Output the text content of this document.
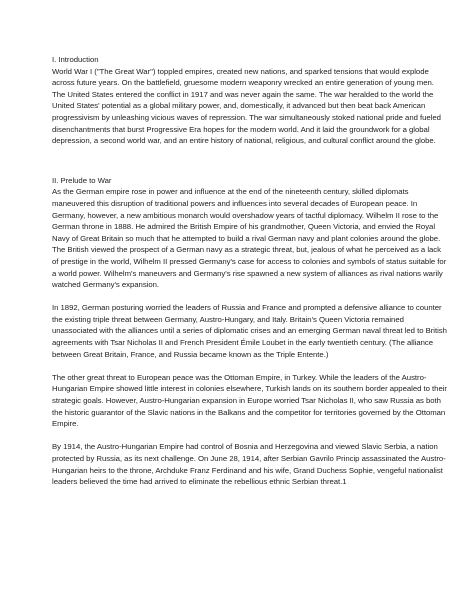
I. Introduction

World War I ("The Great War") toppled empires, created new nations, and sparked tensions that would explode across future years. On the battlefield, gruesome modern weaponry wrecked an entire generation of young men. The United States entered the conflict in 1917 and was never again the same. The war heralded to the world the United States' potential as a global military power, and, domestically, it advanced but then beat back American progressivism by unleashing vicious waves of repression. The war simultaneously stoked national pride and fueled disenchantments that burst Progressive Era hopes for the modern world. And it laid the groundwork for a global depression, a second world war, and an entire history of national, religious, and cultural conflict around the globe.

II. Prelude to War

As the German empire rose in power and influence at the end of the nineteenth century, skilled diplomats maneuvered this disruption of traditional powers and influences into several decades of European peace. In Germany, however, a new ambitious monarch would overshadow years of tactful diplomacy. Wilhelm II rose to the German throne in 1888. He admired the British Empire of his grandmother, Queen Victoria, and envied the Royal Navy of Great Britain so much that he attempted to build a rival German navy and plant colonies around the globe. The British viewed the prospect of a German navy as a strategic threat, but, jealous of what he perceived as a lack of prestige in the world, Wilhelm II pressed Germany's case for access to colonies and symbols of status suitable for a world power. Wilhelm's maneuvers and Germany's rise spawned a new system of alliances as rival nations warily watched Germany's expansion.

In 1892, German posturing worried the leaders of Russia and France and prompted a defensive alliance to counter the existing triple threat between Germany, Austro-Hungary, and Italy. Britain's Queen Victoria remained unassociated with the alliances until a series of diplomatic crises and an emerging German naval threat led to British agreements with Tsar Nicholas II and French President Émile Loubet in the early twentieth century. (The alliance between Great Britain, France, and Russia became known as the Triple Entente.)

The other great threat to European peace was the Ottoman Empire, in Turkey. While the leaders of the Austro-Hungarian Empire showed little interest in colonies elsewhere, Turkish lands on its southern border appealed to their strategic goals. However, Austro-Hungarian expansion in Europe worried Tsar Nicholas II, who saw Russia as both the historic guarantor of the Slavic nations in the Balkans and the competitor for territories governed by the Ottoman Empire.

By 1914, the Austro-Hungarian Empire had control of Bosnia and Herzegovina and viewed Slavic Serbia, a nation protected by Russia, as its next challenge. On June 28, 1914, after Serbian Gavrilo Princip assassinated the Austro-Hungarian heirs to the throne, Archduke Franz Ferdinand and his wife, Grand Duchess Sophie, vengeful nationalist leaders believed the time had arrived to eliminate the rebellious ethnic Serbian threat.1
